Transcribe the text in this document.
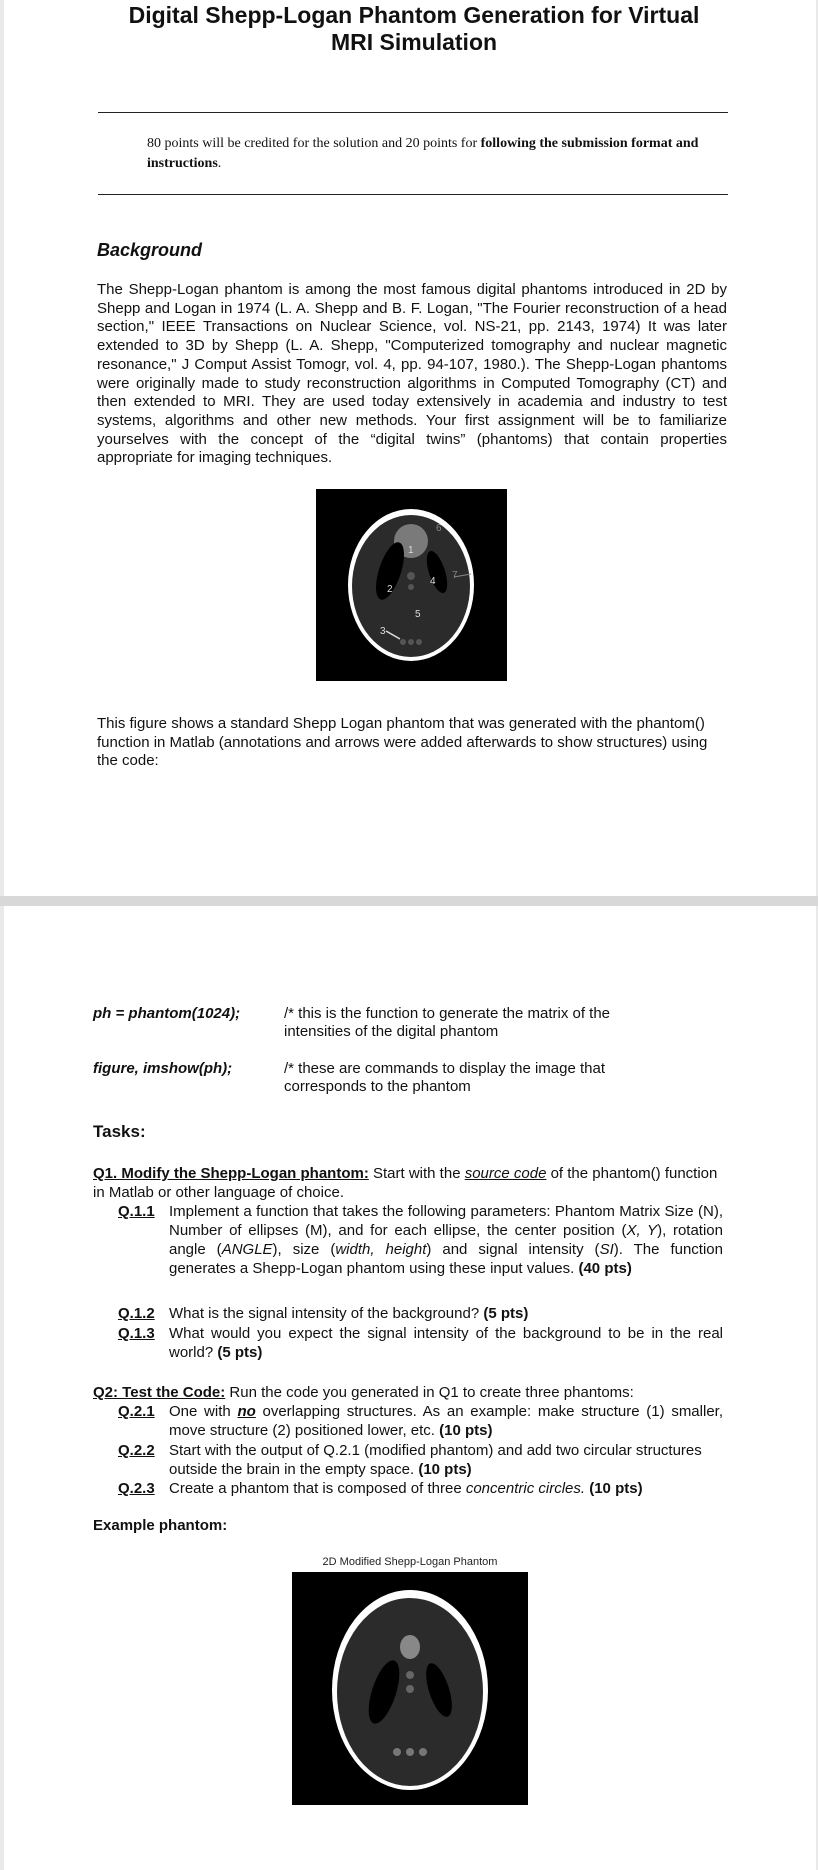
Digital Shepp-Logan Phantom Generation for Virtual
MRI Simulation
80 points will be credited for the solution and 20 points for following the submission format and instructions.
Background
The Shepp-Logan phantom is among the most famous digital phantoms introduced in 2D by Shepp and Logan in 1974 (L. A. Shepp and B. F. Logan, "The Fourier reconstruction of a head section," IEEE Transactions on Nuclear Science, vol. NS-21, pp. 2143, 1974) It was later extended to 3D by Shepp (L. A. Shepp, "Computerized tomography and nuclear magnetic resonance," J Comput Assist Tomogr, vol. 4, pp. 94-107, 1980.). The Shepp-Logan phantoms were originally made to study reconstruction algorithms in Computed Tomography (CT) and then extended to MRI. They are used today extensively in academia and industry to test systems, algorithms and other new methods. Your first assignment will be to familiarize yourselves with the concept of the “digital twins” (phantoms) that contain properties appropriate for imaging techniques.
1
2
3
4
5
6
7
This figure shows a standard Shepp Logan phantom that was generated with the phantom() function in Matlab (annotations and arrows were added afterwards to show structures) using the code:
ph = phantom(1024);	/* this is the function to generate the matrix of the intensities of the digital phantom
figure, imshow(ph);	/* these are commands to display the image that corresponds to the phantom
Tasks:
Q1. Modify the Shepp-Logan phantom: Start with the source code of the phantom() function in Matlab or other language of choice.
Q.1.1 Implement a function that takes the following parameters: Phantom Matrix Size (N), Number of ellipses (M), and for each ellipse, the center position (X, Y), rotation angle (ANGLE), size (width, height) and signal intensity (SI). The function generates a Shepp-Logan phantom using these input values. (40 pts)
Q.1.2 What is the signal intensity of the background? (5 pts)
Q.1.3 What would you expect the signal intensity of the background to be in the real world? (5 pts)
Q2: Test the Code: Run the code you generated in Q1 to create three phantoms:
Q.2.1 One with no overlapping structures. As an example: make structure (1) smaller, move structure (2) positioned lower, etc. (10 pts)
Q.2.2 Start with the output of Q.2.1 (modified phantom) and add two circular structures outside the brain in the empty space. (10 pts)
Q.2.3 Create a phantom that is composed of three concentric circles. (10 pts)
Example phantom:
2D Modified Shepp-Logan Phantom
